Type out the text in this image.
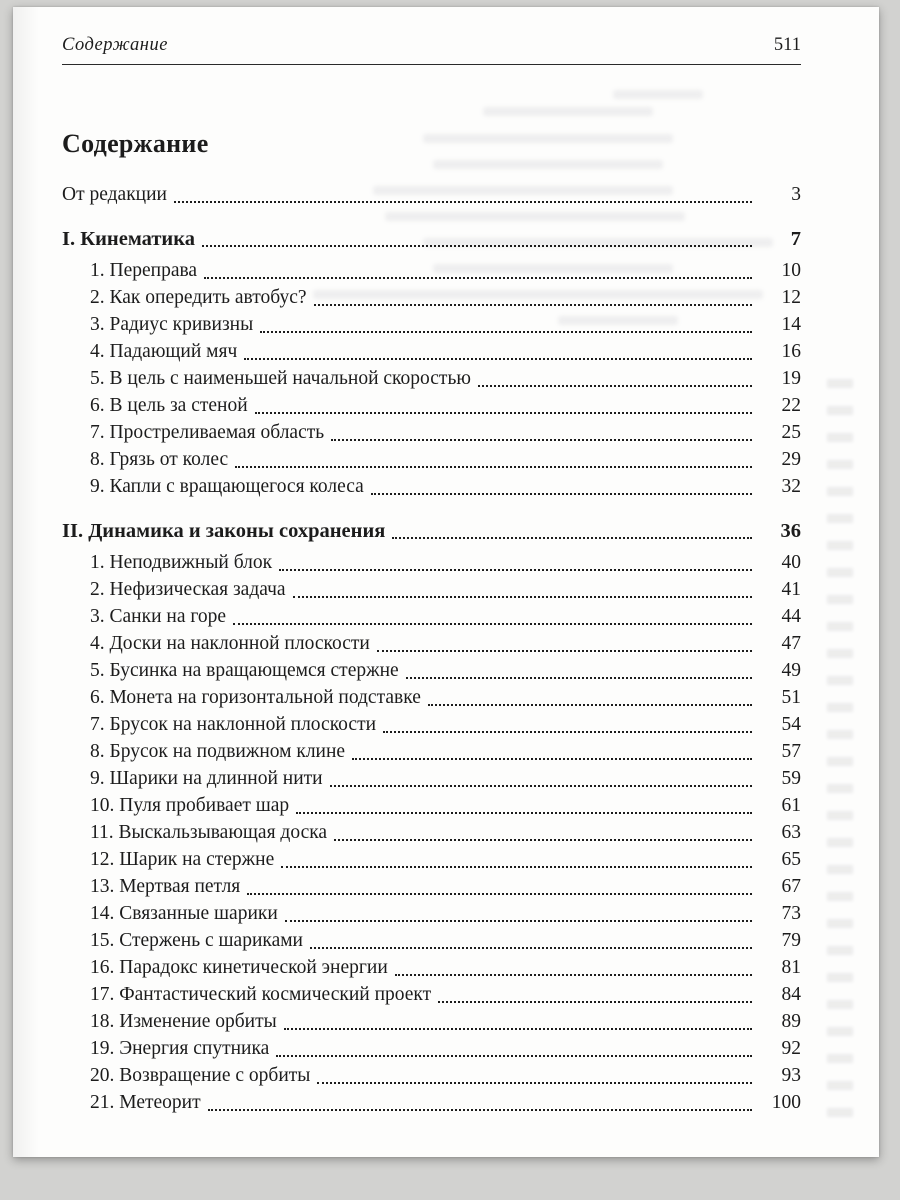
Содержание	511
Содержание
От редакции	3
I. Кинематика	7
1. Переправа	10
2. Как опередить автобус?	12
3. Радиус кривизны	14
4. Падающий мяч	16
5. В цель с наименьшей начальной скоростью	19
6. В цель за стеной	22
7. Простреливаемая область	25
8. Грязь от колес	29
9. Капли с вращающегося колеса	32
II. Динамика и законы сохранения	36
1. Неподвижный блок	40
2. Нефизическая задача	41
3. Санки на горе	44
4. Доски на наклонной плоскости	47
5. Бусинка на вращающемся стержне	49
6. Монета на горизонтальной подставке	51
7. Брусок на наклонной плоскости	54
8. Брусок на подвижном клине	57
9. Шарики на длинной нити	59
10. Пуля пробивает шар	61
11. Выскальзывающая доска	63
12. Шарик на стержне	65
13. Мертвая петля	67
14. Связанные шарики	73
15. Стержень с шариками	79
16. Парадокс кинетической энергии	81
17. Фантастический космический проект	84
18. Изменение орбиты	89
19. Энергия спутника	92
20. Возвращение с орбиты	93
21. Метеорит	100
